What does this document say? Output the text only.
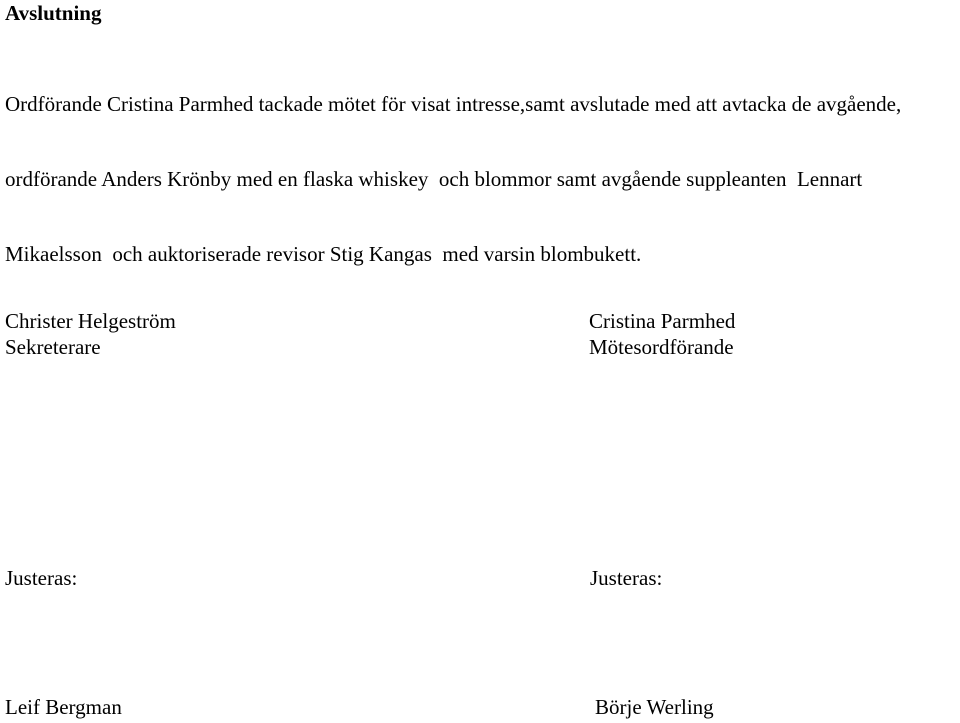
Avslutning

Ordförande Cristina Parmhed tackade mötet för visat intresse,samt avslutade med att avtacka de avgående,

ordförande Anders Krönby med en flaska whiskey  och blommor samt avgående suppleanten  Lennart

Mikaelsson  och auktoriserade revisor Stig Kangas  med varsin blombukett.

Christer Helgeström
Sekreterare
Cristina Parmhed
Mötesordförande
Justeras:	Justeras:
Leif Bergman	Börje Werling
